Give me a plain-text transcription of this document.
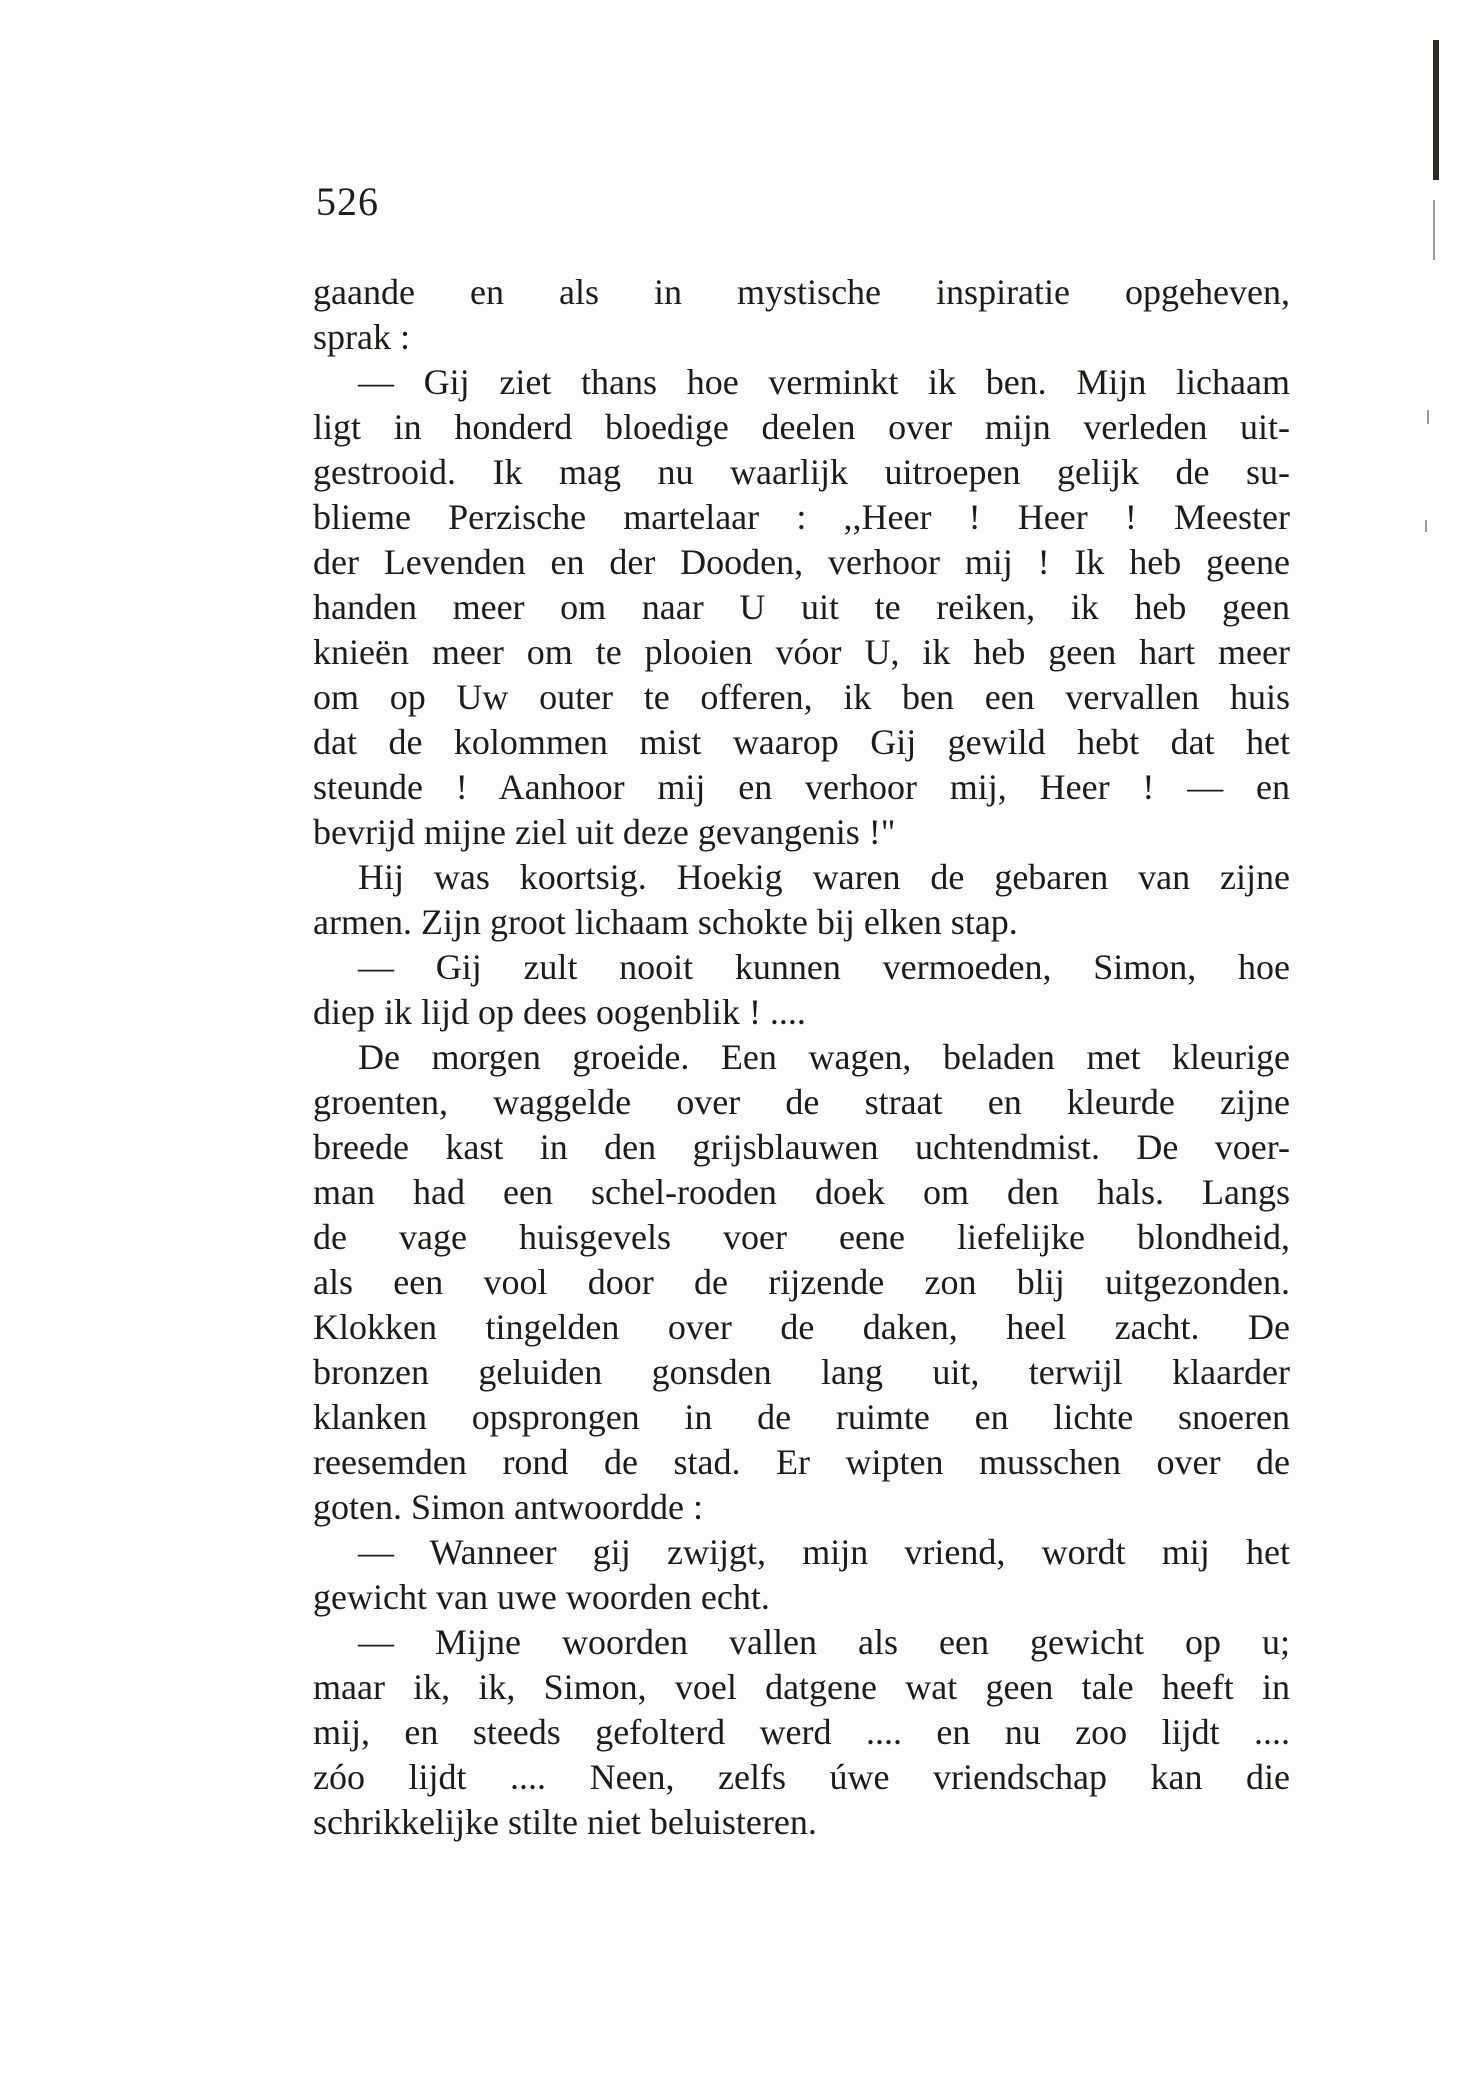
526
gaande en als in mystische inspiratie opgeheven,
sprak :
— Gij ziet thans hoe verminkt ik ben. Mijn lichaam
ligt in honderd bloedige deelen over mijn verleden uit-
gestrooid. Ik mag nu waarlijk uitroepen gelijk de su-
blieme Perzische martelaar : ,,Heer ! Heer ! Meester
der Levenden en der Dooden, verhoor mij ! Ik heb geene
handen meer om naar U uit te reiken, ik heb geen
knieën meer om te plooien vóor U, ik heb geen hart meer
om op Uw outer te offeren, ik ben een vervallen huis
dat de kolommen mist waarop Gij gewild hebt dat het
steunde ! Aanhoor mij en verhoor mij, Heer ! — en
bevrijd mijne ziel uit deze gevangenis !"
Hij was koortsig. Hoekig waren de gebaren van zijne
armen. Zijn groot lichaam schokte bij elken stap.
— Gij zult nooit kunnen vermoeden, Simon, hoe
diep ik lijd op dees oogenblik ! ....
De morgen groeide. Een wagen, beladen met kleurige
groenten, waggelde over de straat en kleurde zijne
breede kast in den grijsblauwen uchtendmist. De voer-
man had een schel-rooden doek om den hals. Langs
de vage huisgevels voer eene liefelijke blondheid,
als een vool door de rijzende zon blij uitgezonden.
Klokken tingelden over de daken, heel zacht. De
bronzen geluiden gonsden lang uit, terwijl klaarder
klanken opsprongen in de ruimte en lichte snoeren
reesemden rond de stad. Er wipten musschen over de
goten. Simon antwoordde :
— Wanneer gij zwijgt, mijn vriend, wordt mij het
gewicht van uwe woorden echt.
— Mijne woorden vallen als een gewicht op u;
maar ik, ik, Simon, voel datgene wat geen tale heeft in
mij, en steeds gefolterd werd .... en nu zoo lijdt ....
zóo lijdt .... Neen, zelfs úwe vriendschap kan die
schrikkelijke stilte niet beluisteren.
